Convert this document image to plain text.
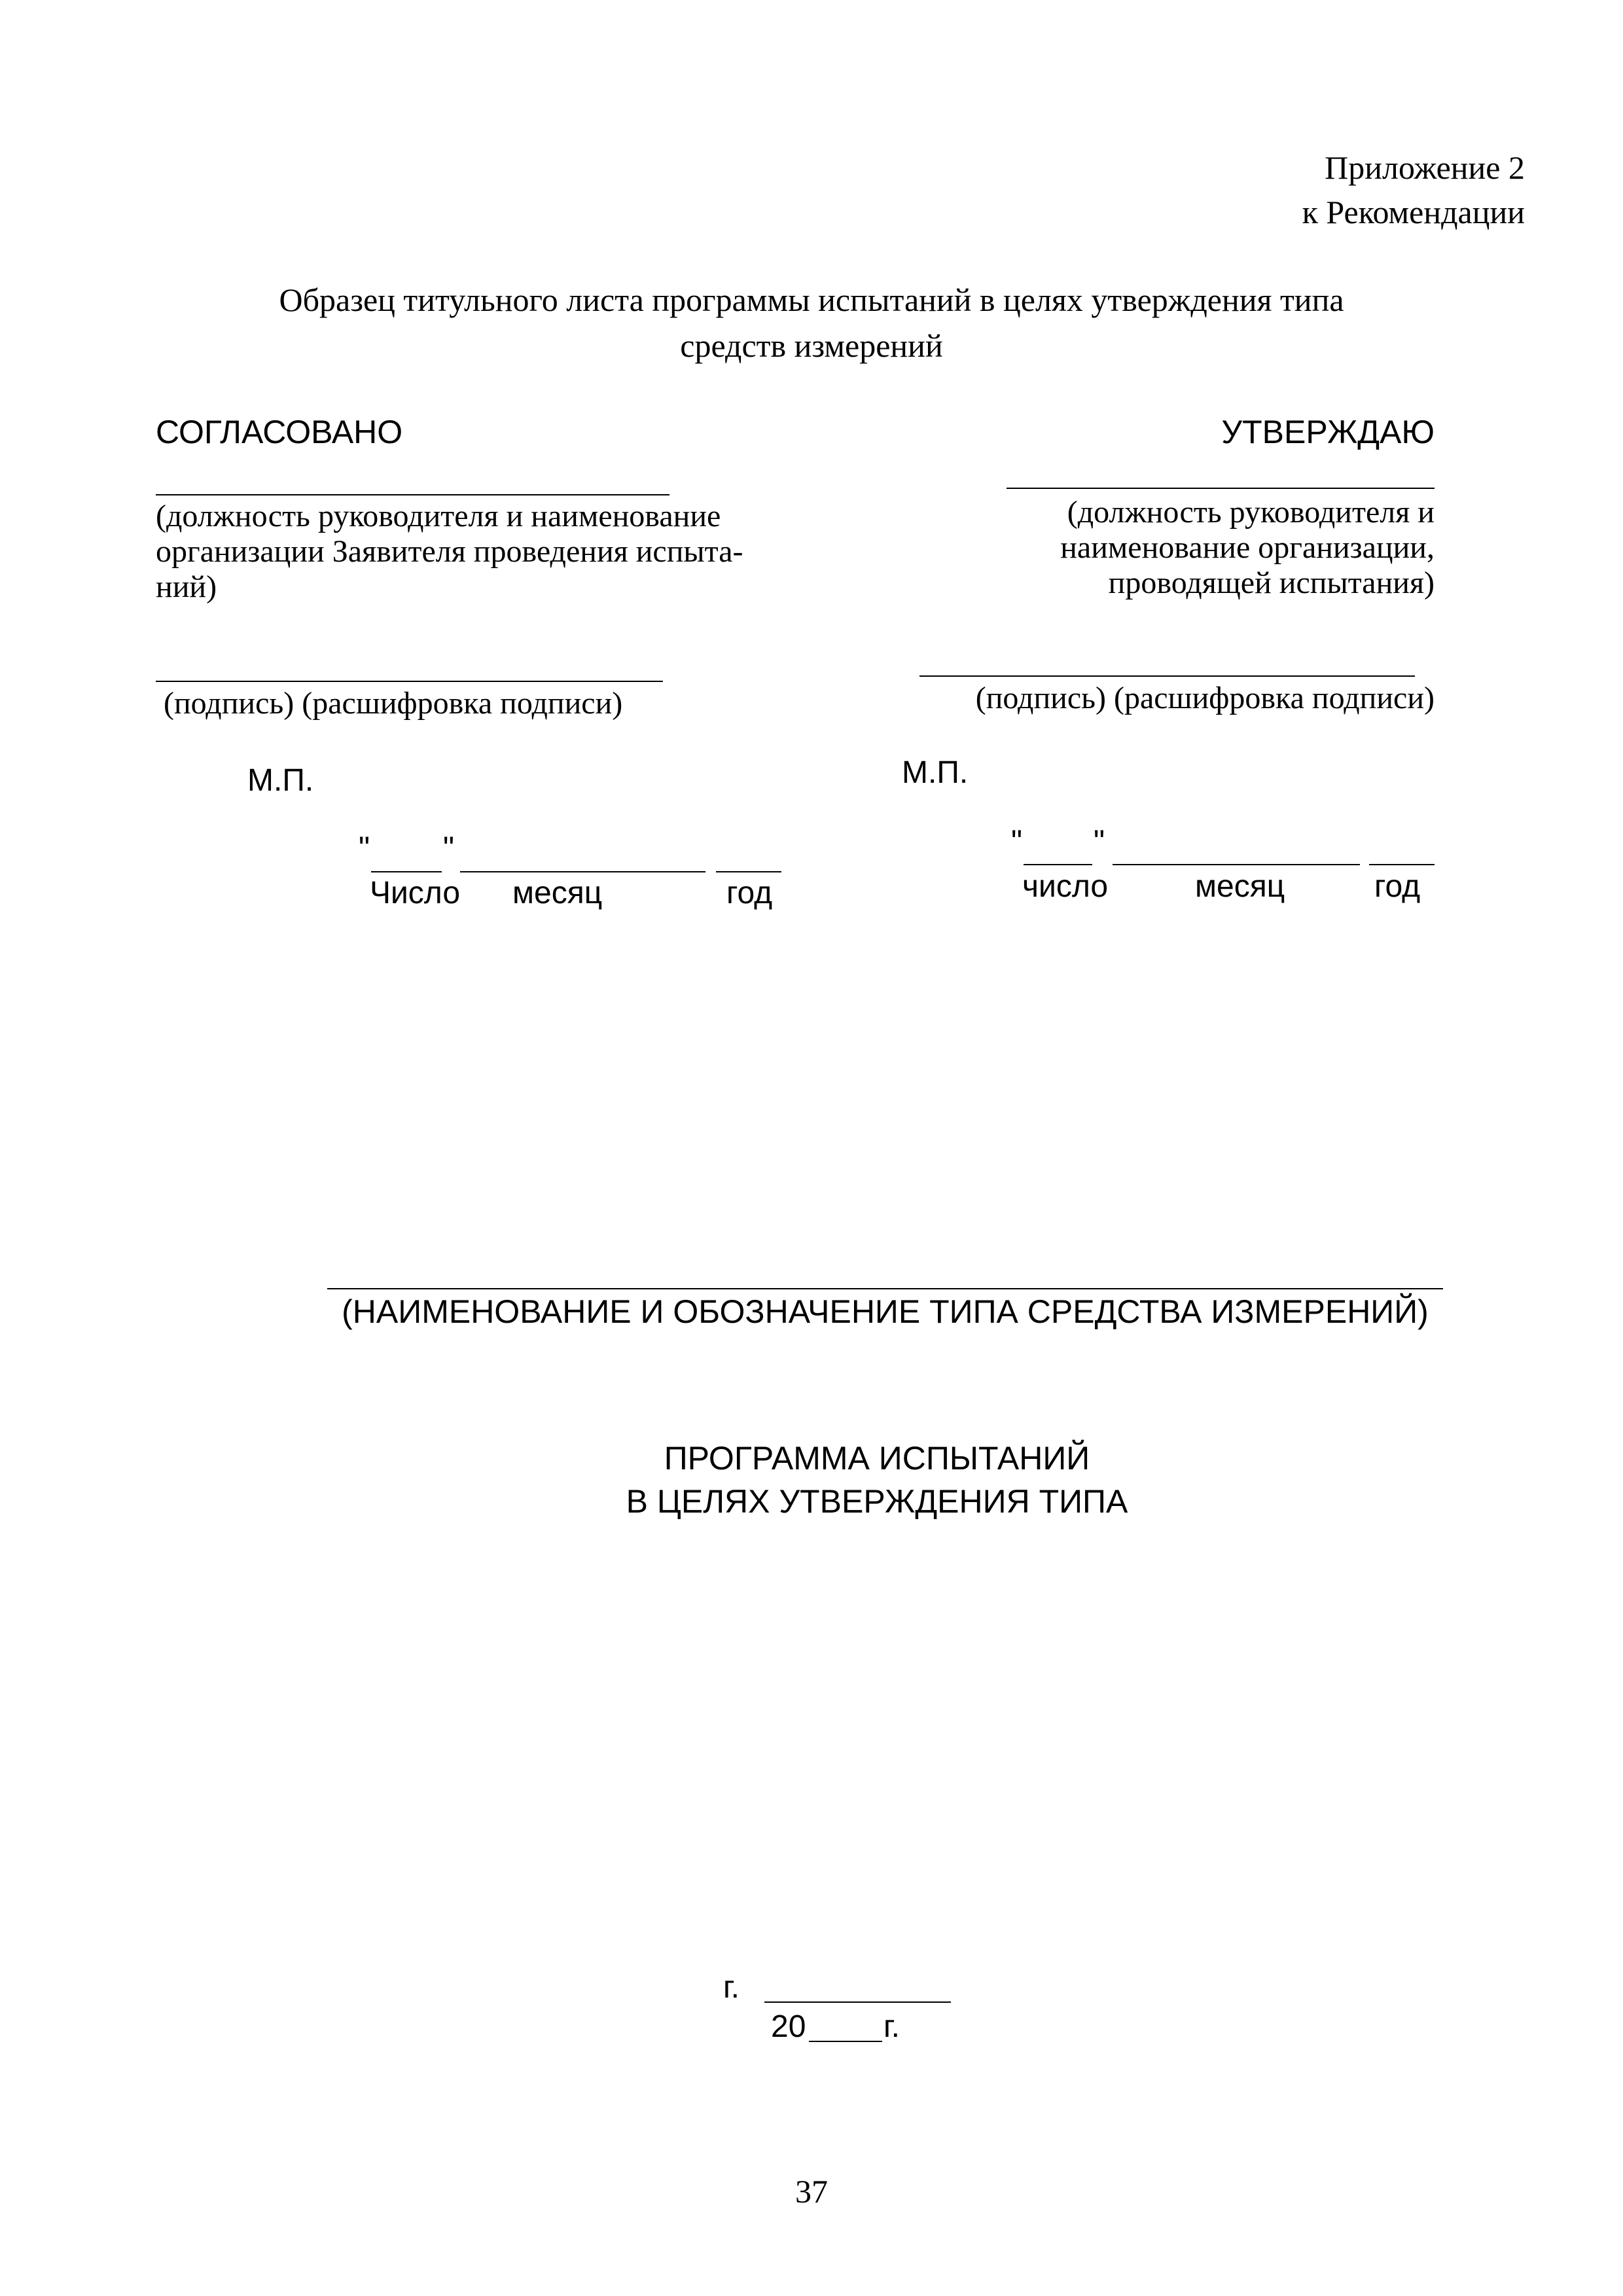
Приложение 2
к Рекомендации
Образец титульного листа программы испытаний в целях утверждения типа
средств измерений
СОГЛАСОВАНО
(должность руководителя и наименование
организации Заявителя проведения испыта-
ний)
(подпись) (расшифровка подписи)
М.П.
" "
Число месяц	год
УТВЕРЖДАЮ
(должность руководителя и
наименование организации,
проводящей испытания)
(подпись) (расшифровка подписи)
М.П.
" "
число	месяц	год
(НАИМЕНОВАНИЕ И ОБОЗНАЧЕНИЕ ТИПА СРЕДСТВА ИЗМЕРЕНИЙ)
ПРОГРАММА ИСПЫТАНИЙ
В ЦЕЛЯХ УТВЕРЖДЕНИЯ ТИПА
г.
20 г.
37
